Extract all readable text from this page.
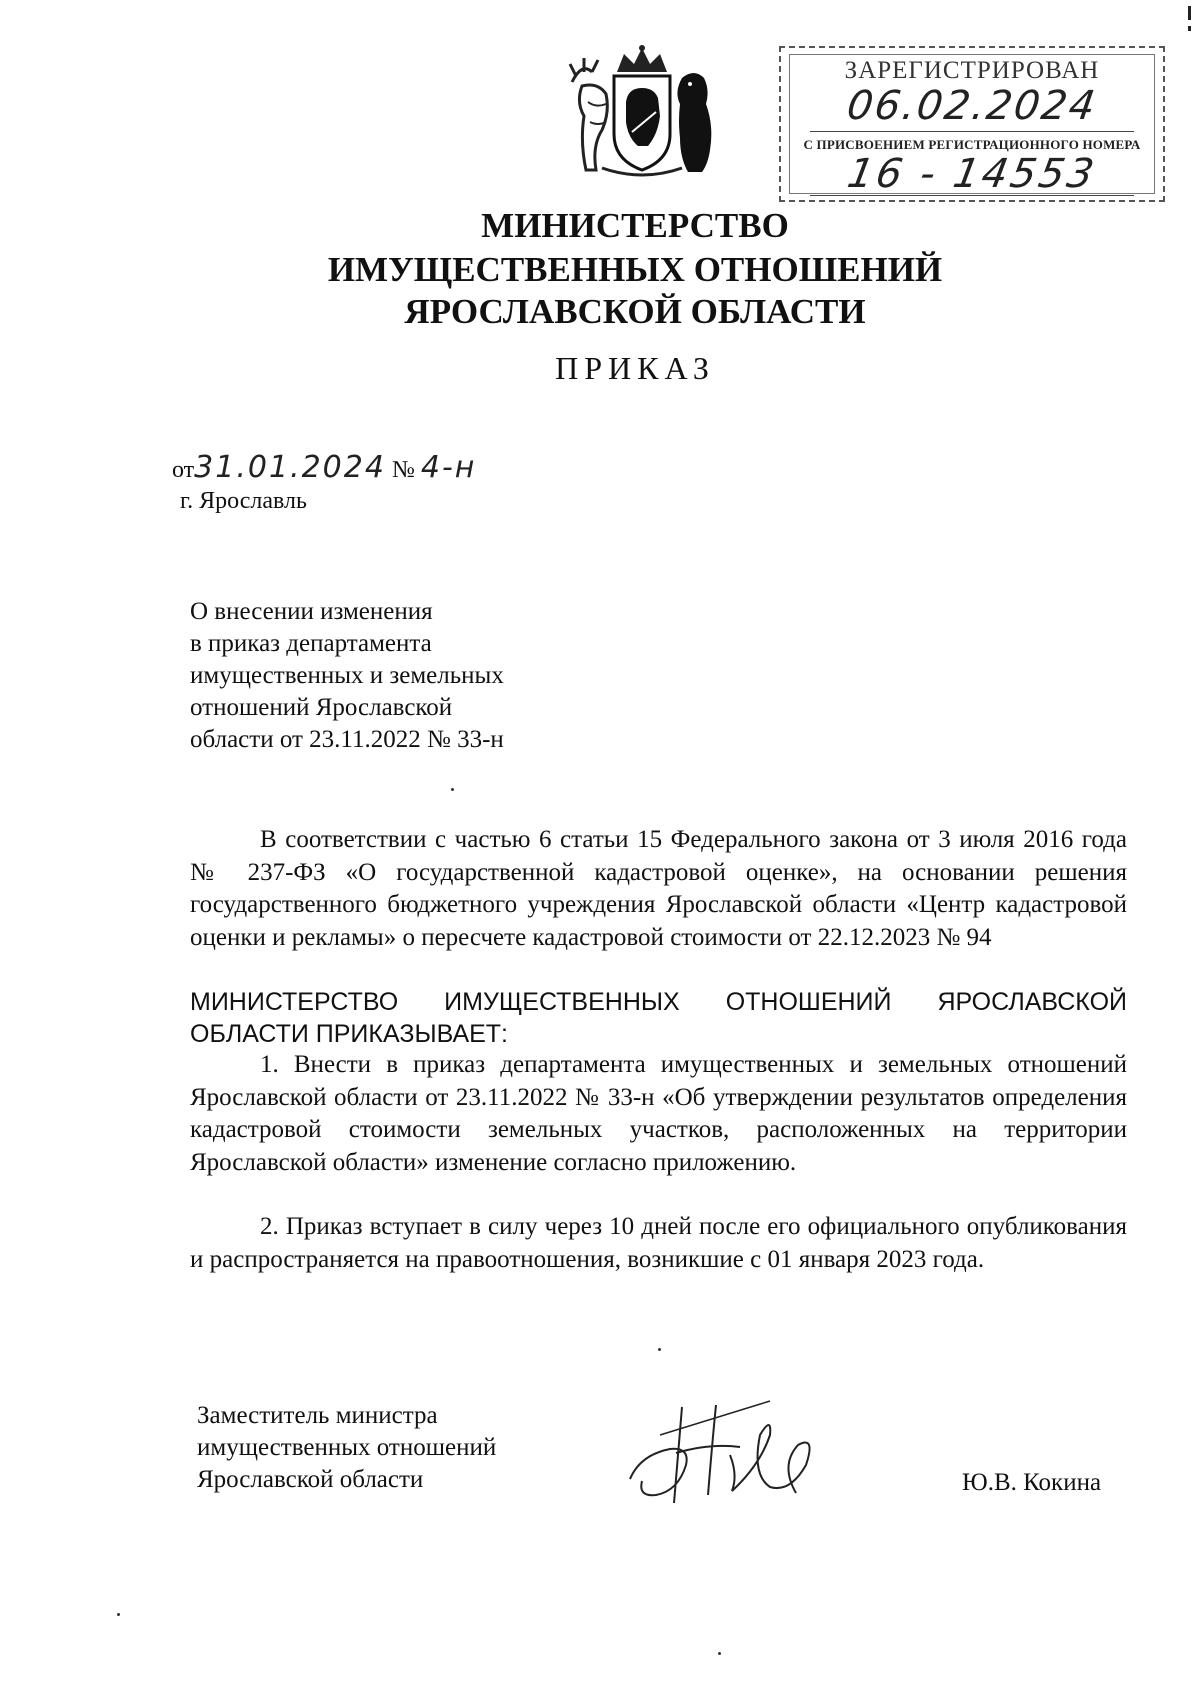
ЗАРЕГИСТРИРОВАН
06.02.2024
С ПРИСВОЕНИЕМ РЕГИСТРАЦИОННОГО НОМЕРА
16 - 14553
МИНИСТЕРСТВО
ИМУЩЕСТВЕННЫХ ОТНОШЕНИЙ
ЯРОСЛАВСКОЙ ОБЛАСТИ
ПРИКАЗ
от31.01.2024 № 4-н
г. Ярославль
О внесении изменения
в приказ департамента
имущественных и земельных
отношений Ярославской
области от 23.11.2022 № 33-н
В соответствии с частью 6 статьи 15 Федерального закона от 3 июля 2016 года № 237-ФЗ «О государственной кадастровой оценке», на основании решения государственного бюджетного учреждения Ярославской области «Центр кадастровой оценки и рекламы» о пересчете кадастровой стоимости от 22.12.2023 № 94
МИНИСТЕРСТВО ИМУЩЕСТВЕННЫХ ОТНОШЕНИЙ ЯРОСЛАВСКОЙ ОБЛАСТИ ПРИКАЗЫВАЕТ:
1. Внести в приказ департамента имущественных и земельных отношений Ярославской области от 23.11.2022 № 33-н «Об утверждении результатов определения кадастровой стоимости земельных участков, расположенных на территории Ярославской области» изменение согласно приложению.
2. Приказ вступает в силу через 10 дней после его официального опубликования и распространяется на правоотношения, возникшие с 01 января 2023 года.
Заместитель министра
имущественных отношений
Ярославской области	Ю.В. Кокина
